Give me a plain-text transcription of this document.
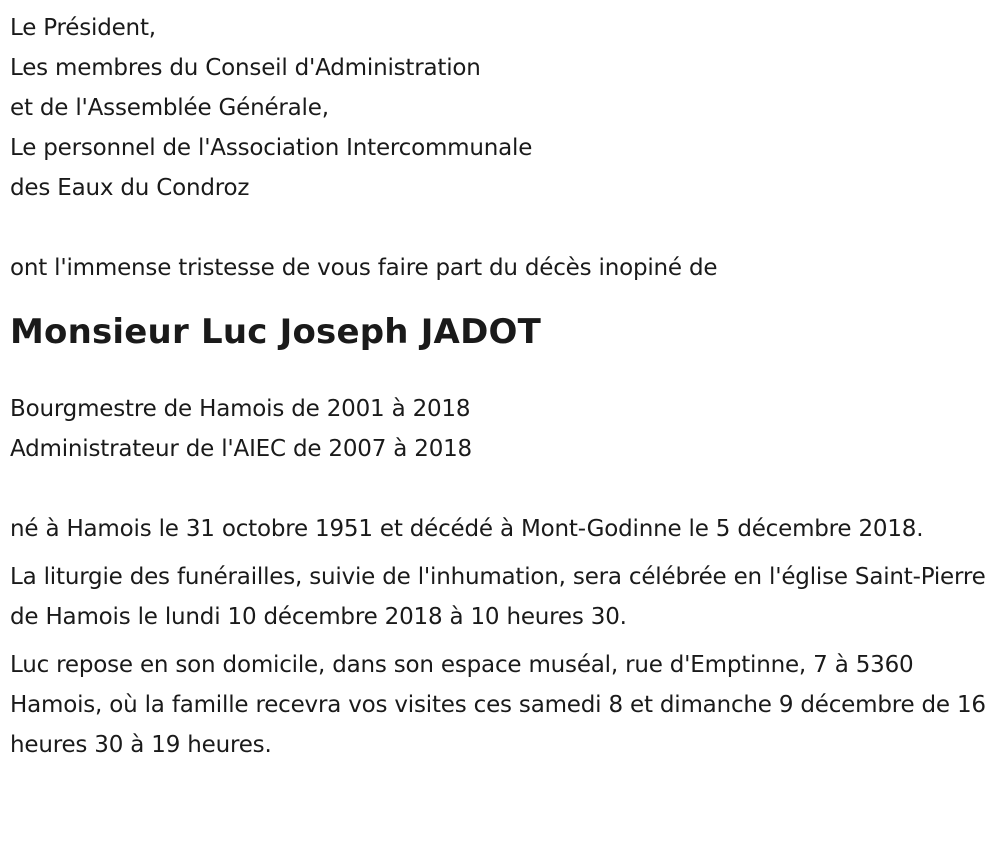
Le Président,
Les membres du Conseil d'Administration
et de l'Assemblée Générale,
Le personnel de l'Association Intercommunale
des Eaux du Condroz
ont l'immense tristesse de vous faire part du décès inopiné de
Monsieur Luc Joseph JADOT
Bourgmestre de Hamois de 2001 à 2018
Administrateur de l'AIEC de 2007 à 2018

né à Hamois le 31 octobre 1951 et décédé à Mont-Godinne le 5 décembre 2018.

La liturgie des funérailles, suivie de l'inhumation, sera célébrée en l'église Saint-Pierre de Hamois le lundi 10 décembre 2018 à 10 heures 30.

Luc repose en son domicile, dans son espace muséal, rue d'Emptinne, 7 à 5360 Hamois, où la famille recevra vos visites ces samedi 8 et dimanche 9 décembre de 16 heures 30 à 19 heures.
